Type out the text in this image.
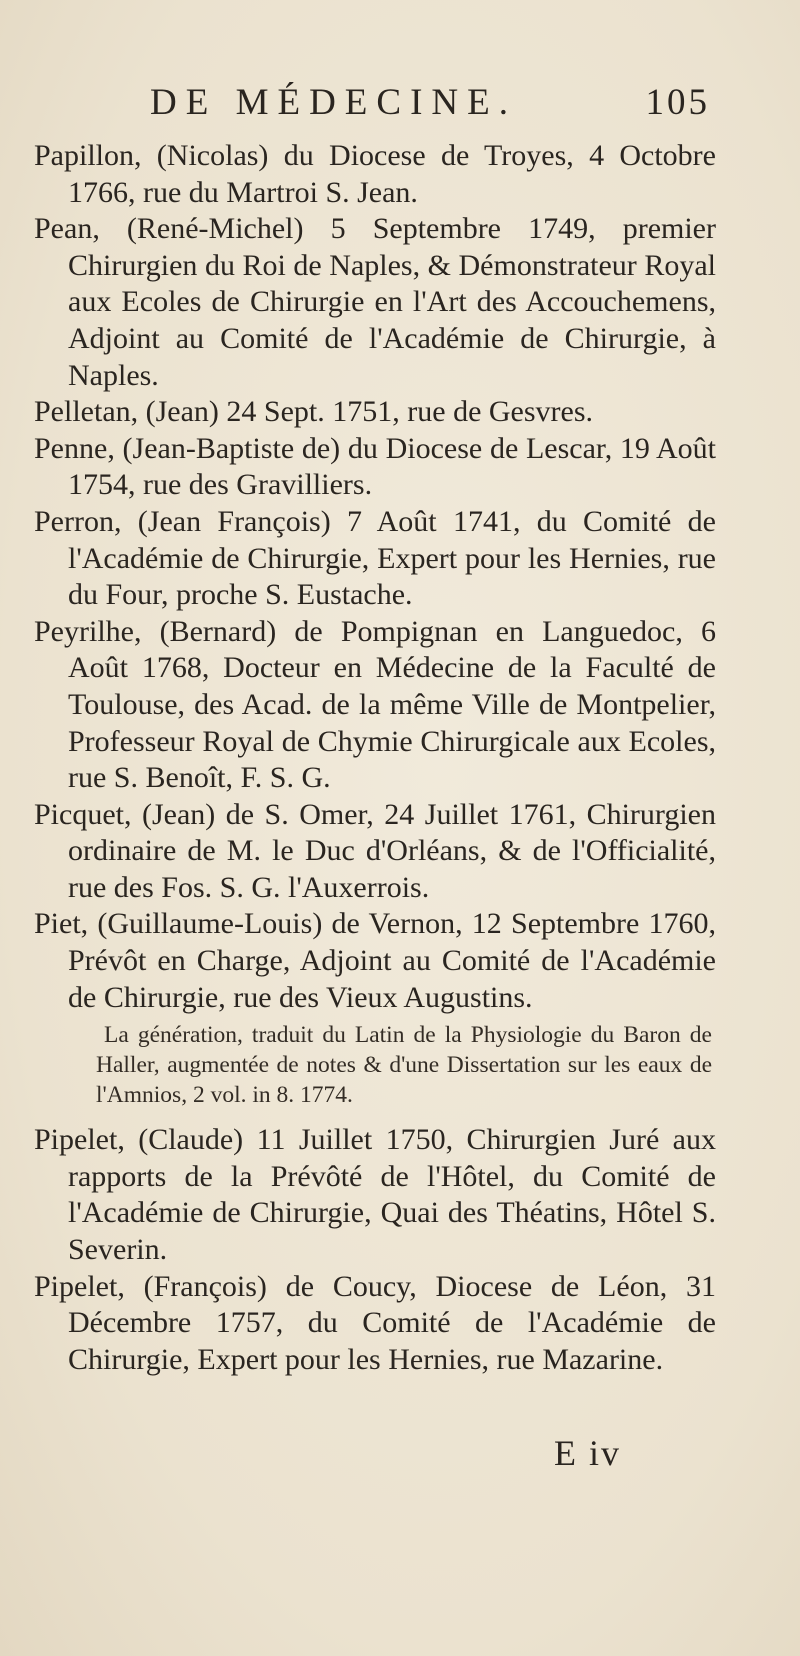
DE MÉDECINE.	105

Papillon, (Nicolas) du Diocese de Troyes, 4 Octobre 1766, rue du Martroi S. Jean.

Pean, (René-Michel) 5 Septembre 1749, premier Chirurgien du Roi de Naples, & Démonstrateur Royal aux Ecoles de Chirurgie en l'Art des Accouchemens, Adjoint au Comité de l'Académie de Chirurgie, à Naples.

Pelletan, (Jean) 24 Sept. 1751, rue de Gesvres.

Penne, (Jean-Baptiste de) du Diocese de Lescar, 19 Août 1754, rue des Gravilliers.

Perron, (Jean François) 7 Août 1741, du Comité de l'Académie de Chirurgie, Expert pour les Hernies, rue du Four, proche S. Eustache.

Peyrilhe, (Bernard) de Pompignan en Languedoc, 6 Août 1768, Docteur en Médecine de la Faculté de Toulouse, des Acad. de la même Ville de Montpelier, Professeur Royal de Chymie Chirurgicale aux Ecoles, rue S. Benoît, F. S. G.

Picquet, (Jean) de S. Omer, 24 Juillet 1761, Chirurgien ordinaire de M. le Duc d'Orléans, & de l'Officialité, rue des Fos. S. G. l'Auxerrois.

Piet, (Guillaume-Louis) de Vernon, 12 Septembre 1760, Prévôt en Charge, Adjoint au Comité de l'Académie de Chirurgie, rue des Vieux Augustins.

La génération, traduit du Latin de la Physiologie du Baron de Haller, augmentée de notes & d'une Dissertation sur les eaux de l'Amnios, 2 vol. in 8. 1774.

Pipelet, (Claude) 11 Juillet 1750, Chirurgien Juré aux rapports de la Prévôté de l'Hôtel, du Comité de l'Académie de Chirurgie, Quai des Théatins, Hôtel S. Severin.

Pipelet, (François) de Coucy, Diocese de Léon, 31 Décembre 1757, du Comité de l'Académie de Chirurgie, Expert pour les Hernies, rue Mazarine.

E iv
